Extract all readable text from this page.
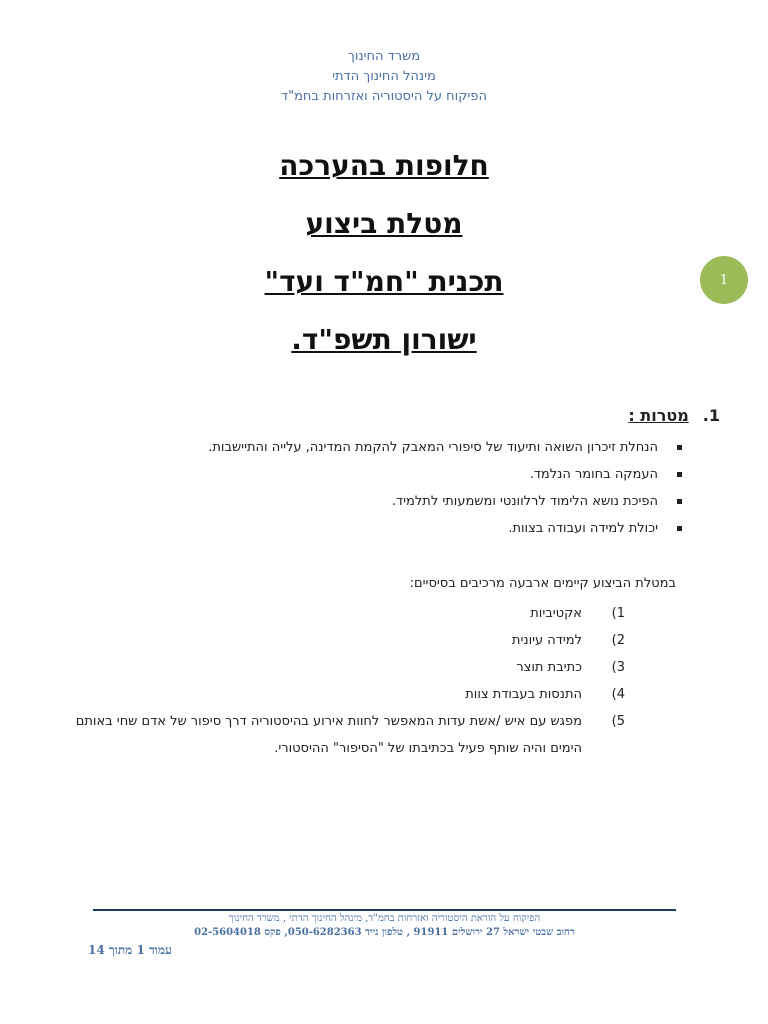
משרד החינוך
מינהל החינוך הדתי
הפיקוח על היסטוריה ואזרחות בחמ"ד
חלופות בהערכה
מטלת ביצוע
תכנית "חמ"ד ועד"
ישורון תשפ"ד.
1
1.מטרות :
הנחלת זיכרון השואה ותיעוד של סיפורי המאבק להקמת המדינה, עלייה והתיישבות.
העמקה בחומר הנלמד.
הפיכת נושא הלימוד לרלוונטי ומשמעותי לתלמיד.
יכולת למידה ועבודה בצוות.
במטלת הביצוע קיימים ארבעה מרכיבים בסיסיים:
1)
אקטיביות
2)
למידה עיונית
3)
כתיבת תוצר
4)
התנסות בעבודת צוות
5)
מפגש עם איש /אשת עדות המאפשר לחוות אירוע בהיסטוריה דרך סיפור של אדם שחי באותם הימים והיה שותף פעיל בכתיבתו של "הסיפור" ההיסטורי.
הפיקוח על הוראת היסטוריה ואזרחות בחמ"ד, מינהל החינוך הדתי , משרד החינוך
רחוב שבטי ישראל 27 ירושלים 91911 , טלפון נייד 050-6282363, פקס 02-5604018
עמוד 1 מתוך 14
